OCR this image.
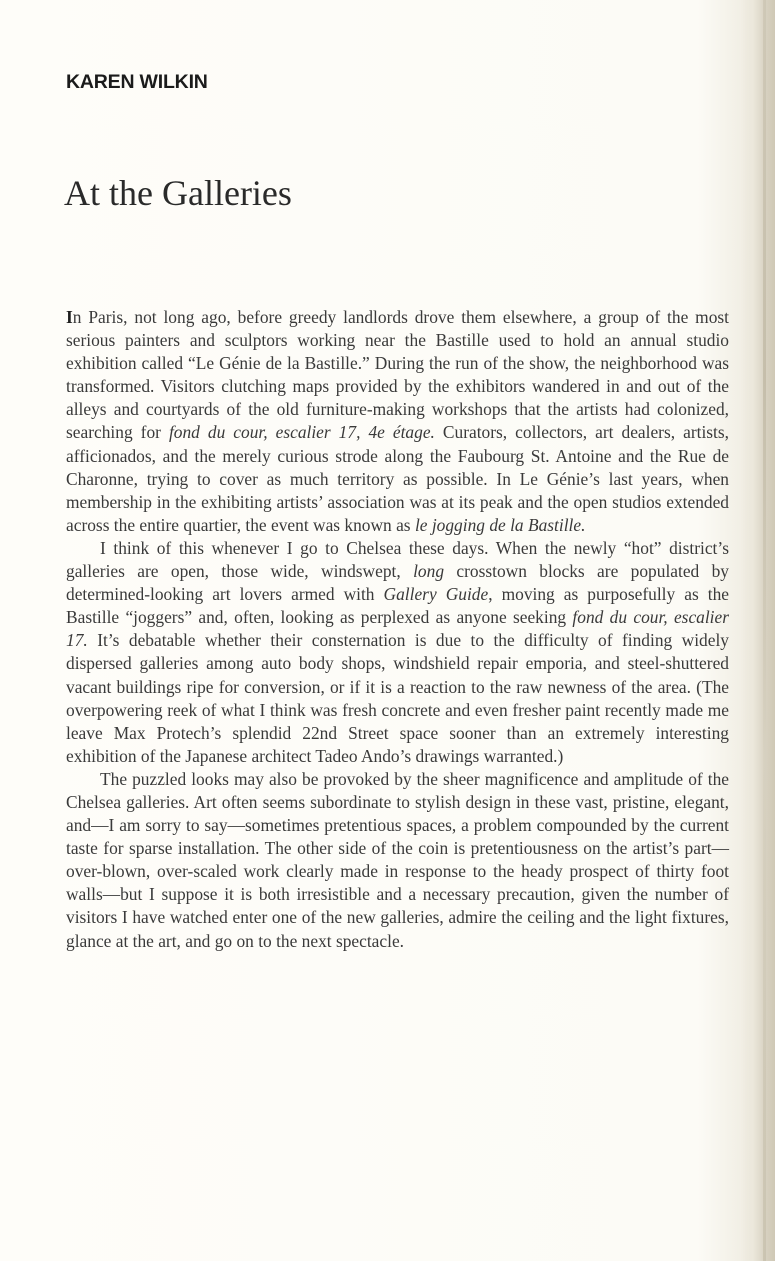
KAREN WILKIN
At the Galleries

In Paris, not long ago, before greedy landlords drove them elsewhere, a group of the most serious painters and sculptors working near the Bastille used to hold an annual studio exhibition called “Le Génie de la Bastille.” During the run of the show, the neighborhood was transformed. Visitors clutching maps provided by the exhibitors wandered in and out of the alleys and courtyards of the old furniture-making workshops that the artists had colonized, searching for fond du cour, escalier 17, 4e étage. Curators, collectors, art dealers, artists, afficionados, and the merely curious strode along the Faubourg St. Antoine and the Rue de Charonne, trying to cover as much territory as possible. In Le Génie’s last years, when membership in the exhibiting artists’ association was at its peak and the open studios extended across the entire quartier, the event was known as le jogging de la Bastille.

I think of this whenever I go to Chelsea these days. When the newly “hot” district’s galleries are open, those wide, windswept, long crosstown blocks are populated by determined-looking art lovers armed with Gallery Guide, moving as purposefully as the Bastille “joggers” and, often, looking as perplexed as anyone seeking fond du cour, escalier 17. It’s debatable whether their consternation is due to the difficulty of finding widely dispersed galleries among auto body shops, windshield repair emporia, and steel-shuttered vacant buildings ripe for conversion, or if it is a reaction to the raw newness of the area. (The overpowering reek of what I think was fresh concrete and even fresher paint recently made me leave Max Protech’s splendid 22nd Street space sooner than an extremely interesting exhibition of the Japanese architect Tadeo Ando’s drawings warranted.)

The puzzled looks may also be provoked by the sheer magnificence and amplitude of the Chelsea galleries. Art often seems subordinate to stylish design in these vast, pristine, elegant, and—I am sorry to say—sometimes pretentious spaces, a problem compounded by the current taste for sparse installation. The other side of the coin is pretentiousness on the artist’s part—over-blown, over-scaled work clearly made in response to the heady prospect of thirty foot walls—but I suppose it is both irresistible and a necessary precaution, given the number of visitors I have watched enter one of the new galleries, admire the ceiling and the light fixtures, glance at the art, and go on to the next spectacle.
